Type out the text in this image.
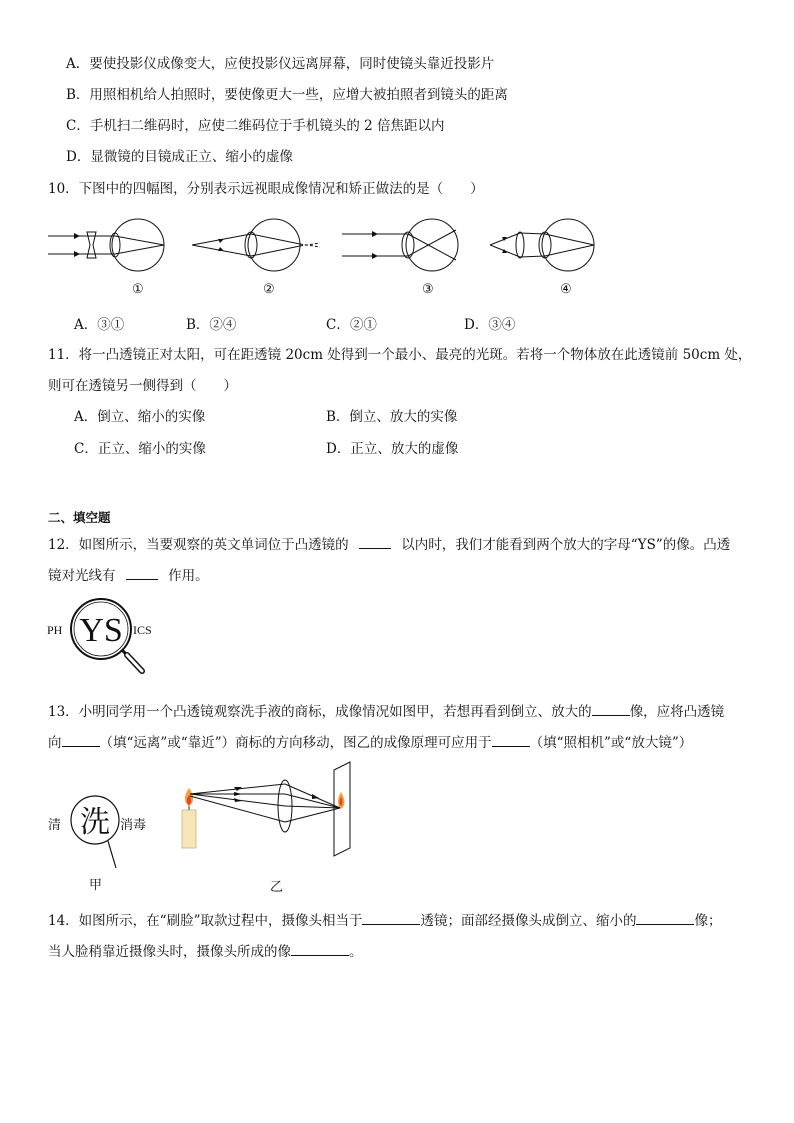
A．要使投影仪成像变大，应使投影仪远离屏幕，同时使镜头靠近投影片
B．用照相机给人拍照时，要使像更大一些，应增大被拍照者到镜头的距离
C．手机扫二维码时，应使二维码位于手机镜头的 2 倍焦距以内
D．显微镜的目镜成正立、缩小的虚像
10．下图中的四幅图，分别表示远视眼成像情况和矫正做法的是（　　）
①	②	③	④
A．③①	B．②④	C．②①	D．③④
11．将一凸透镜正对太阳，可在距透镜 20cm 处得到一个最小、最亮的光斑。若将一个物体放在此透镜前 50cm 处，
则可在透镜另一侧得到（　　）
A．倒立、缩小的实像	B．倒立、放大的实像
C．正立、缩小的实像	D．正立、放大的虚像
二、填空题
12．如图所示，当要观察的英文单词位于凸透镜的	以内时，我们才能看到两个放大的字母“YS”的像。凸透
镜对光线有	作用。
PH YS ICS
13．小明同学用一个凸透镜观察洗手液的商标，成像情况如图甲，若想再看到倒立、放大的	像，应将凸透镜
向	（填“远离”或“靠近”）商标的方向移动，图乙的成像原理可应用于	（填“照相机”或“放大镜”）
清 洗 消毒
甲	乙
14．如图所示，在“刷脸”取款过程中，摄像头相当于	透镜；面部经摄像头成倒立、缩小的	像；
当人脸稍靠近摄像头时，摄像头所成的像	。
